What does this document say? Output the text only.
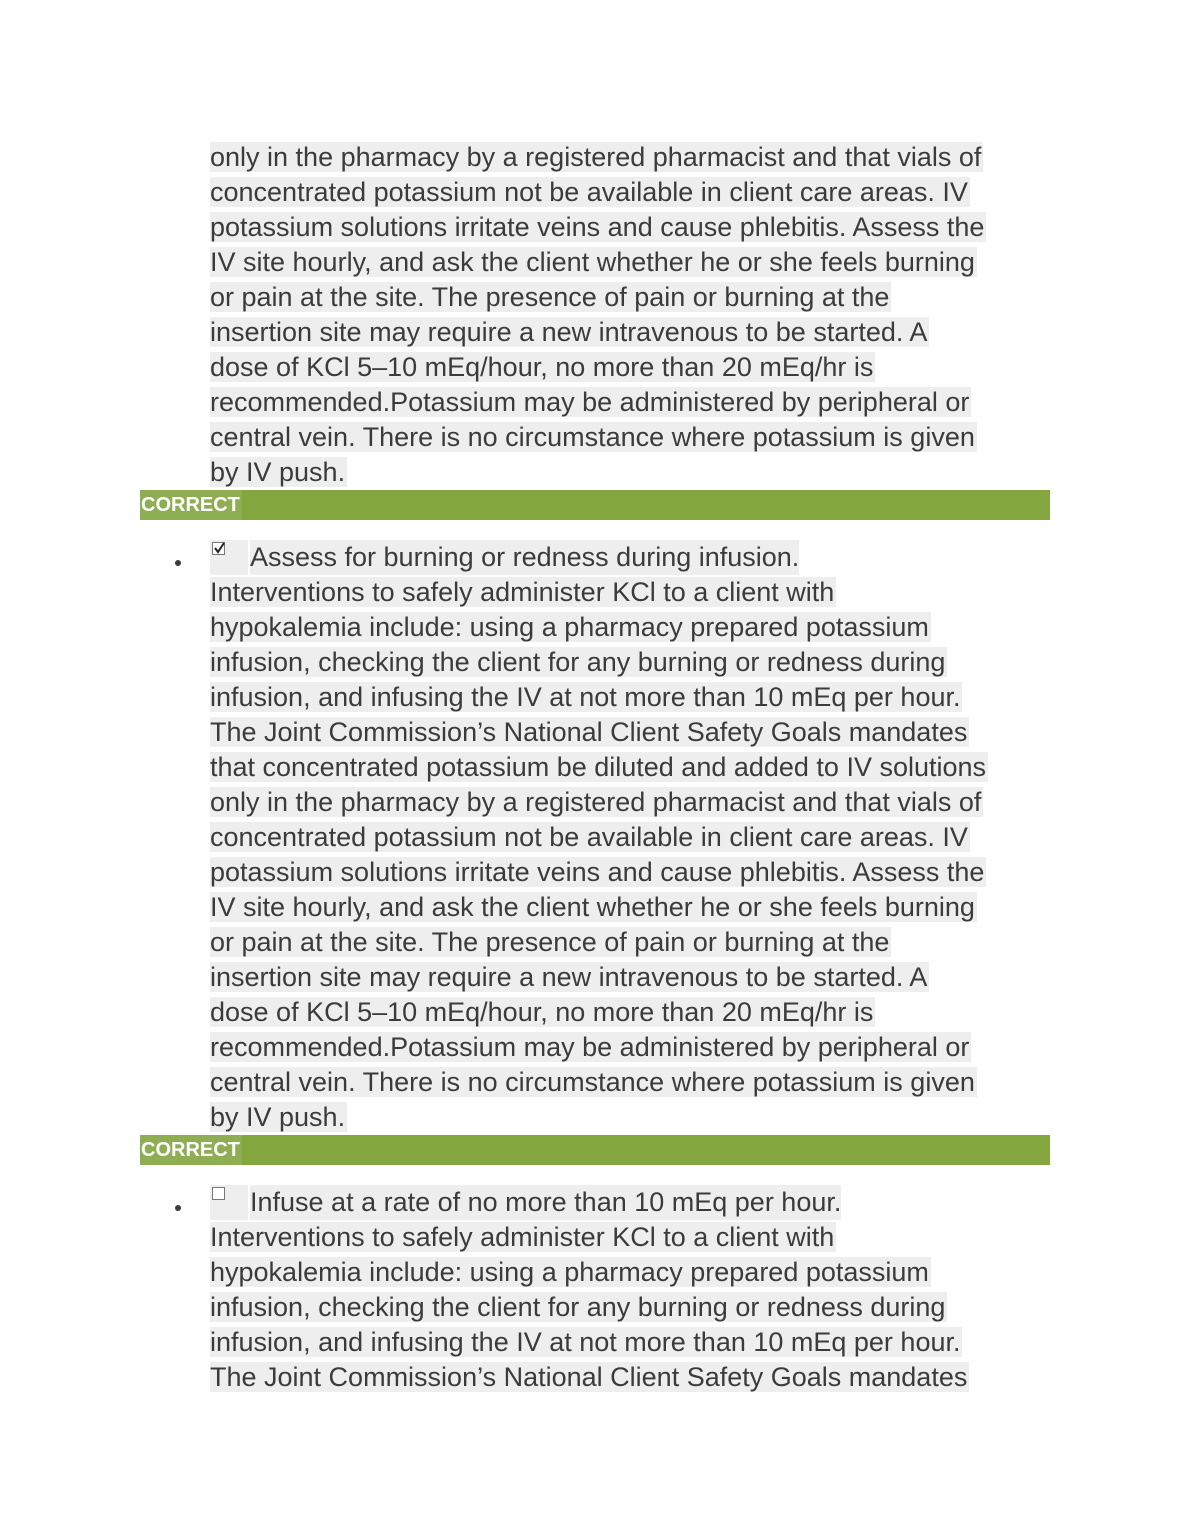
only in the pharmacy by a registered pharmacist and that vials of
concentrated potassium not be available in client care areas. IV
potassium solutions irritate veins and cause phlebitis. Assess the
IV site hourly, and ask the client whether he or she feels burning
or pain at the site. The presence of pain or burning at the
insertion site may require a new intravenous to be started. A
dose of KCl 5–10 mEq/hour, no more than 20 mEq/hr is
recommended.Potassium may be administered by peripheral or
central vein. There is no circumstance where potassium is given
by IV push.
CORRECT
Assess for burning or redness during infusion.
Interventions to safely administer KCl to a client with
hypokalemia include: using a pharmacy prepared potassium
infusion, checking the client for any burning or redness during
infusion, and infusing the IV at not more than 10 mEq per hour.
The Joint Commission’s National Client Safety Goals mandates
that concentrated potassium be diluted and added to IV solutions
only in the pharmacy by a registered pharmacist and that vials of
concentrated potassium not be available in client care areas. IV
potassium solutions irritate veins and cause phlebitis. Assess the
IV site hourly, and ask the client whether he or she feels burning
or pain at the site. The presence of pain or burning at the
insertion site may require a new intravenous to be started. A
dose of KCl 5–10 mEq/hour, no more than 20 mEq/hr is
recommended.Potassium may be administered by peripheral or
central vein. There is no circumstance where potassium is given
by IV push.
CORRECT
Infuse at a rate of no more than 10 mEq per hour.
Interventions to safely administer KCl to a client with
hypokalemia include: using a pharmacy prepared potassium
infusion, checking the client for any burning or redness during
infusion, and infusing the IV at not more than 10 mEq per hour.
The Joint Commission’s National Client Safety Goals mandates
